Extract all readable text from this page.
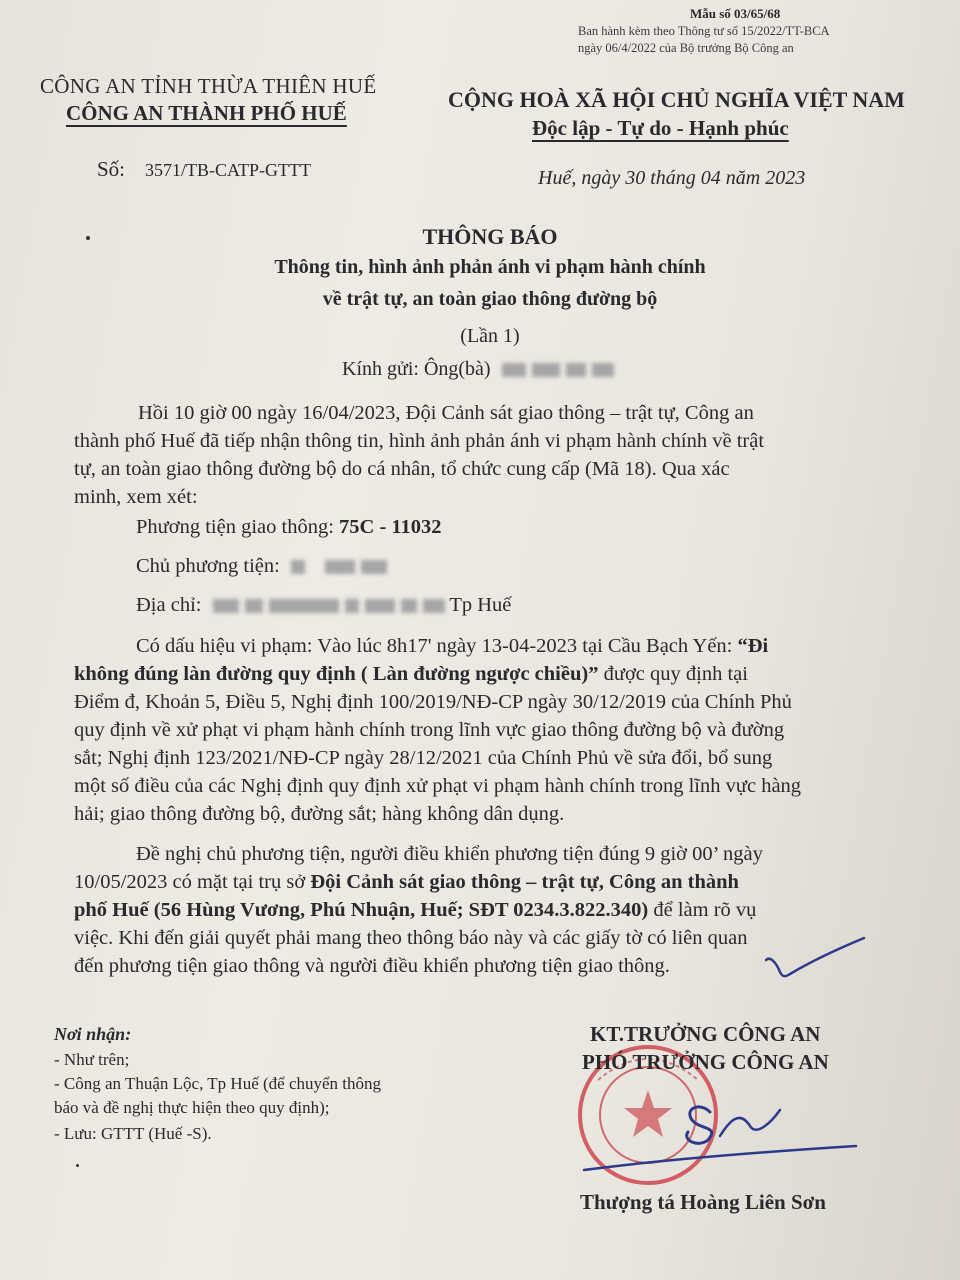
Mẫu số 03/65/68
Ban hành kèm theo Thông tư số 15/2022/TT-BCA
ngày 06/4/2022 của Bộ trưởng Bộ Công an
CÔNG AN TỈNH THỪA THIÊN HUẾ
CÔNG AN THÀNH PHỐ HUẾ
CỘNG HOÀ XÃ HỘI CHỦ NGHĨA VIỆT NAM
Độc lập - Tự do - Hạnh phúc
Số: 3571/TB-CATP-GTTT	Huế, ngày 30 tháng 04 năm 2023
THÔNG BÁO
Thông tin, hình ảnh phản ánh vi phạm hành chính
về trật tự, an toàn giao thông đường bộ
(Lần 1)
Kính gửi: Ông(bà)
Hồi 10 giờ 00 ngày 16/04/2023, Đội Cảnh sát giao thông – trật tự, Công an
thành phố Huế đã tiếp nhận thông tin, hình ảnh phản ánh vi phạm hành chính về trật
tự, an toàn giao thông đường bộ do cá nhân, tổ chức cung cấp (Mã 18). Qua xác
minh, xem xét:
Phương tiện giao thông: 75C - 11032
Chủ phương tiện:
Địa chỉ:	Tp Huế
Có dấu hiệu vi phạm: Vào lúc 8h17' ngày 13-04-2023 tại Cầu Bạch Yến: “Đi
không đúng làn đường quy định ( Làn đường ngược chiều)” được quy định tại
Điểm đ, Khoản 5, Điều 5, Nghị định 100/2019/NĐ-CP ngày 30/12/2019 của Chính Phủ
quy định về xử phạt vi phạm hành chính trong lĩnh vực giao thông đường bộ và đường
sắt; Nghị định 123/2021/NĐ-CP ngày 28/12/2021 của Chính Phủ về sửa đổi, bổ sung
một số điều của các Nghị định quy định xử phạt vi phạm hành chính trong lĩnh vực hàng
hải; giao thông đường bộ, đường sắt; hàng không dân dụng.
Đề nghị chủ phương tiện, người điều khiển phương tiện đúng 9 giờ 00’ ngày
10/05/2023 có mặt tại trụ sở Đội Cảnh sát giao thông – trật tự, Công an thành
phố Huế (56 Hùng Vương, Phú Nhuận, Huế; SĐT 0234.3.822.340) để làm rõ vụ
việc. Khi đến giải quyết phải mang theo thông báo này và các giấy tờ có liên quan
đến phương tiện giao thông và người điều khiển phương tiện giao thông.
Nơi nhận:
- Như trên;
- Công an Thuận Lộc, Tp Huế (để chuyển thông
báo và đề nghị thực hiện theo quy định);
- Lưu: GTTT (Huế -S).
KT.TRƯỞNG CÔNG AN
PHÓ TRƯỞNG CÔNG AN
Thượng tá Hoàng Liên Sơn
